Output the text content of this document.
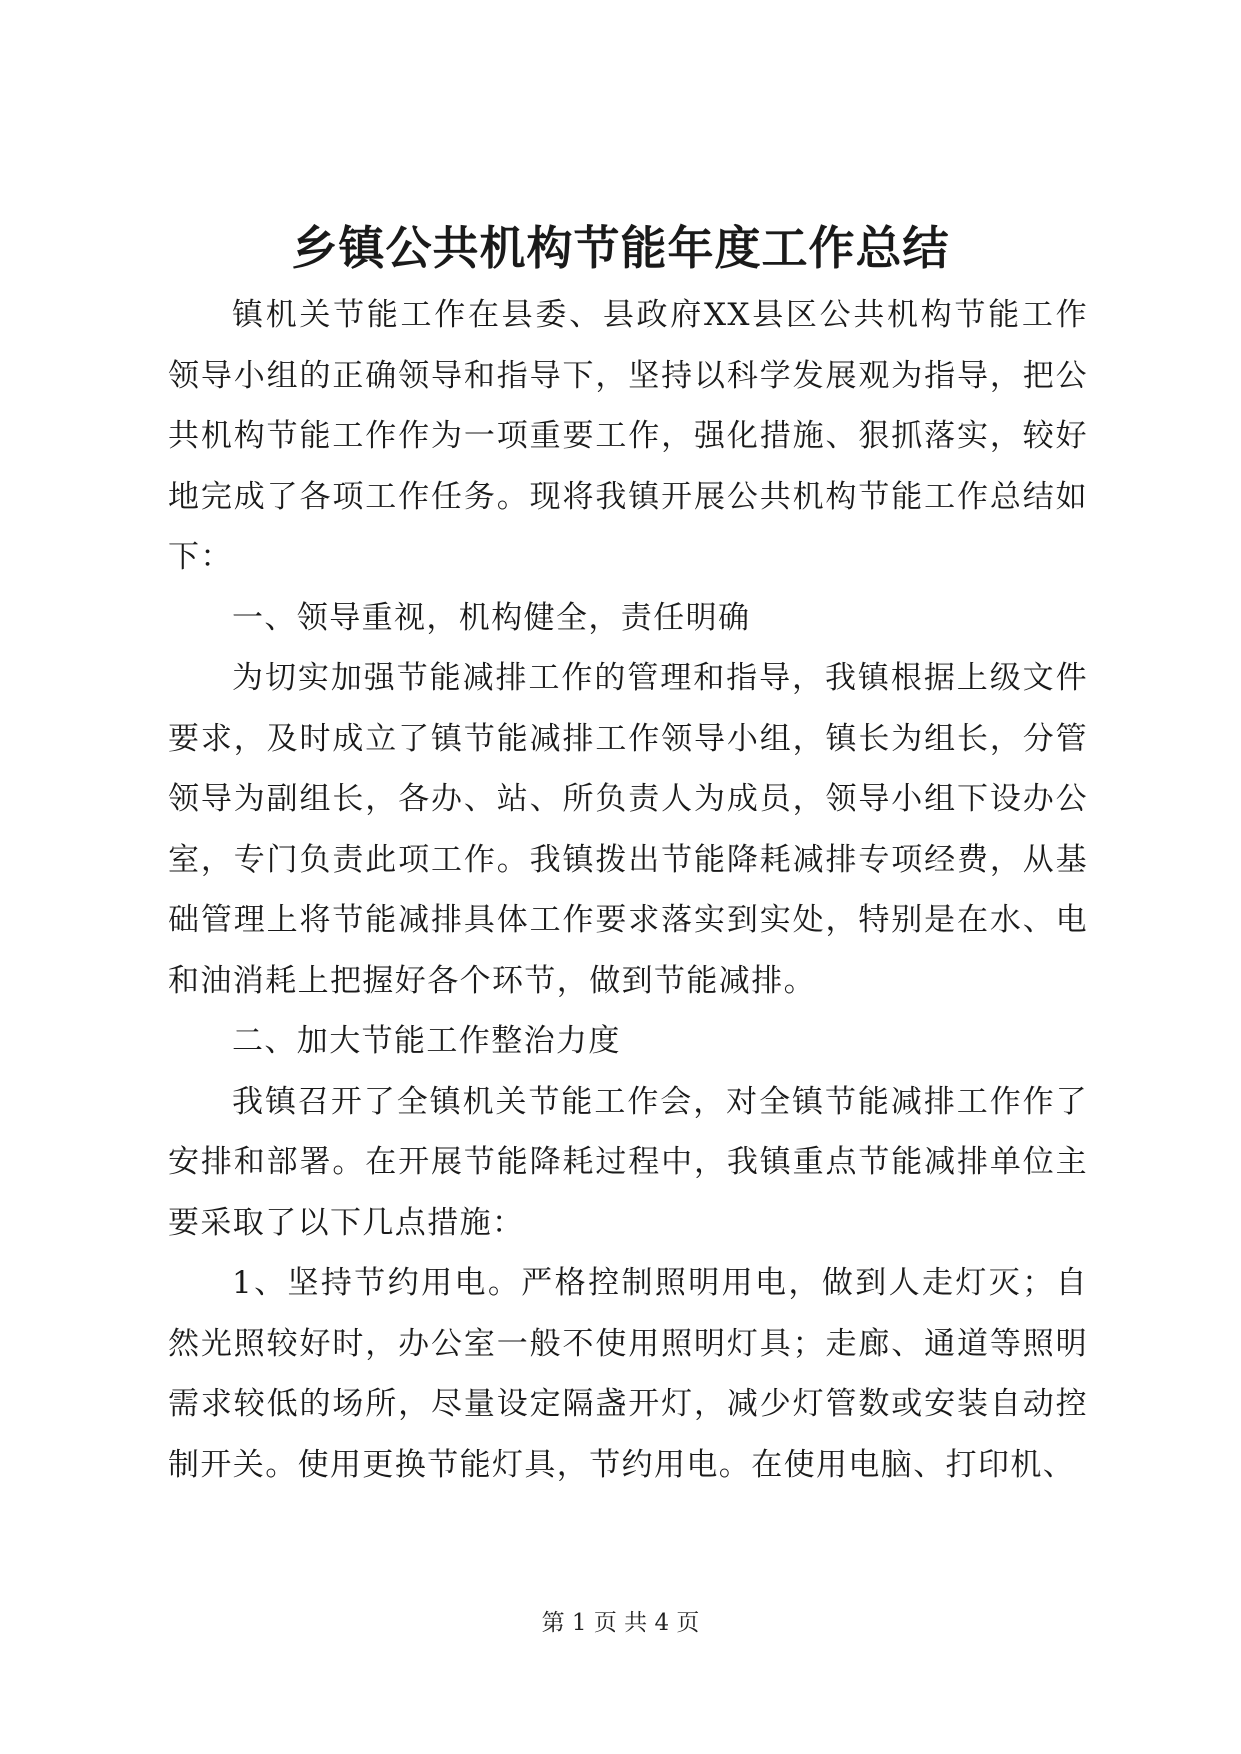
乡镇公共机构节能年度工作总结

镇机关节能工作在县委、县政府XX县区公共机构节能工作领导小组的正确领导和指导下，坚持以科学发展观为指导，把公共机构节能工作作为一项重要工作，强化措施、狠抓落实，较好地完成了各项工作任务。现将我镇开展公共机构节能工作总结如下：

一、领导重视，机构健全，责任明确

为切实加强节能减排工作的管理和指导，我镇根据上级文件要求，及时成立了镇节能减排工作领导小组，镇长为组长，分管领导为副组长，各办、站、所负责人为成员，领导小组下设办公室，专门负责此项工作。我镇拨出节能降耗减排专项经费，从基础管理上将节能减排具体工作要求落实到实处，特别是在水、电和油消耗上把握好各个环节，做到节能减排。

二、加大节能工作整治力度

我镇召开了全镇机关节能工作会，对全镇节能减排工作作了安排和部署。在开展节能降耗过程中，我镇重点节能减排单位主要采取了以下几点措施：

1、坚持节约用电。严格控制照明用电，做到人走灯灭；自然光照较好时，办公室一般不使用照明灯具；走廊、通道等照明需求较低的场所，尽量设定隔盏开灯，减少灯管数或安装自动控制开关。使用更换节能灯具，节约用电。在使用电脑、打印机、

第 1 页 共 4 页
